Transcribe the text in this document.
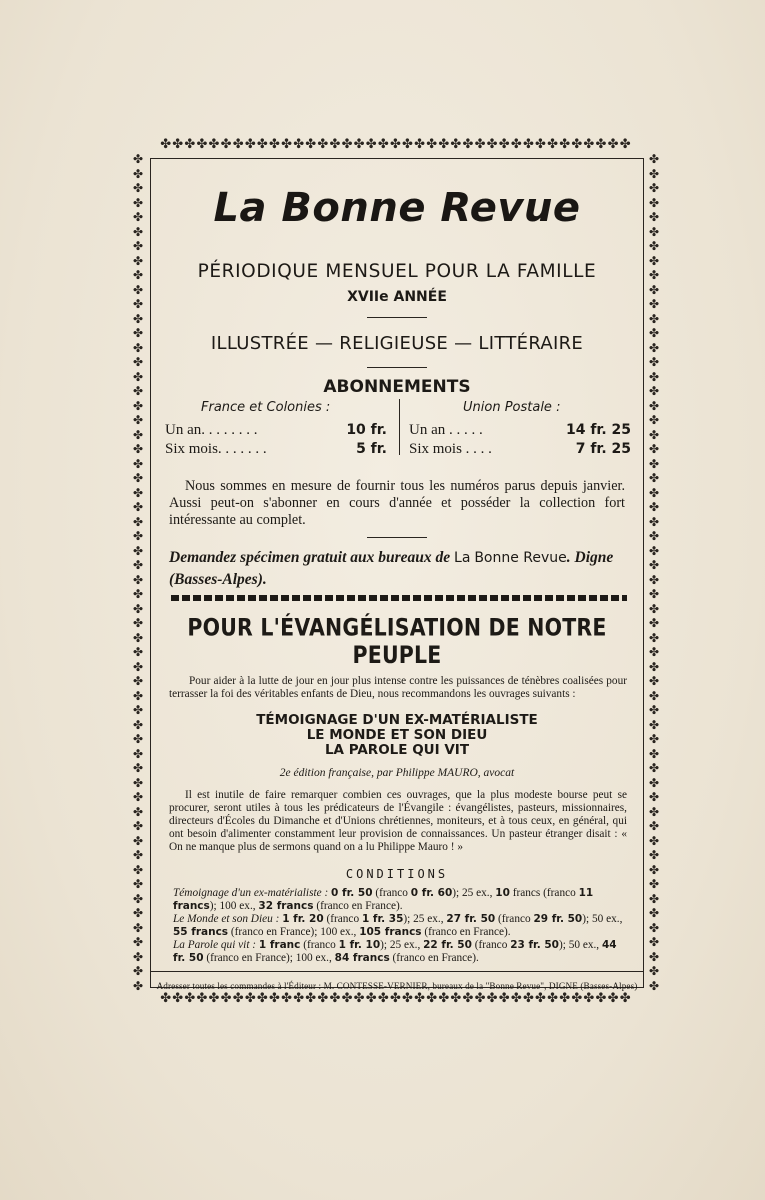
✤✤✤✤✤✤✤✤✤✤✤✤✤✤✤✤✤✤✤✤✤✤✤✤✤✤✤✤✤✤✤✤✤✤✤✤✤✤✤
✤✤✤✤✤✤✤✤✤✤✤✤✤✤✤✤✤✤✤✤✤✤✤✤✤✤✤✤✤✤✤✤✤✤✤✤✤✤✤
✤✤✤✤✤✤✤✤✤✤✤✤✤✤✤✤✤✤✤✤✤✤✤✤✤✤✤✤✤✤✤✤✤✤✤✤✤✤✤✤✤✤✤✤✤✤✤✤✤✤✤✤✤✤✤✤✤✤
✤✤✤✤✤✤✤✤✤✤✤✤✤✤✤✤✤✤✤✤✤✤✤✤✤✤✤✤✤✤✤✤✤✤✤✤✤✤✤✤✤✤✤✤✤✤✤✤✤✤✤✤✤✤✤✤✤✤
La Bonne Revue
PÉRIODIQUE MENSUEL POUR LA FAMILLE
XVIIe ANNÉE
ILLUSTRÉE — RELIGIEUSE — LITTÉRAIRE
ABONNEMENTS
France et Colonies :	Union Postale :
Un an. . . . . . . .	10 fr.
Six mois. . . . . . .	5 fr.
Un an . . . . .	14 fr. 25
Six mois . . . .	7 fr. 25
Nous sommes en mesure de fournir tous les numéros parus depuis janvier. Aussi peut-on s'abonner en cours d'année et posséder la collection fort intéressante au complet.
Demandez spécimen gratuit aux bureaux de La Bonne Revue. Digne (Basses-Alpes).
POUR L'ÉVANGÉLISATION DE NOTRE PEUPLE
Pour aider à la lutte de jour en jour plus intense contre les puissances de ténèbres coalisées pour terrasser la foi des véritables enfants de Dieu, nous recommandons les ouvrages suivants :
TÉMOIGNAGE D'UN EX-MATÉRIALISTE
LE MONDE ET SON DIEU
LA PAROLE QUI VIT
2e édition française, par Philippe MAURO, avocat
Il est inutile de faire remarquer combien ces ouvrages, que la plus modeste bourse peut se procurer, seront utiles à tous les prédicateurs de l'Évangile : évangélistes, pasteurs, missionnaires, directeurs d'Écoles du Dimanche et d'Unions chrétiennes, moniteurs, et à tous ceux, en général, qui ont besoin d'alimenter constamment leur provision de connaissances. Un pasteur étranger disait : « On ne manque plus de sermons quand on a lu Philippe Mauro ! »
CONDITIONS
Témoignage d'un ex-matérialiste : 0 fr. 50 (franco 0 fr. 60); 25 ex., 10 francs (franco 11 francs); 100 ex., 32 francs (franco en France).
Le Monde et son Dieu : 1 fr. 20 (franco 1 fr. 35); 25 ex., 27 fr. 50 (franco 29 fr. 50); 50 ex., 55 francs (franco en France); 100 ex., 105 francs (franco en France).
La Parole qui vit : 1 franc (franco 1 fr. 10); 25 ex., 22 fr. 50 (franco 23 fr. 50); 50 ex., 44 fr. 50 (franco en France); 100 ex., 84 francs (franco en France).
Adresser toutes les commandes à l'Éditeur : M. CONTESSE-VERNIER, bureaux de la "Bonne Revue", DIGNE (Basses-Alpes)
